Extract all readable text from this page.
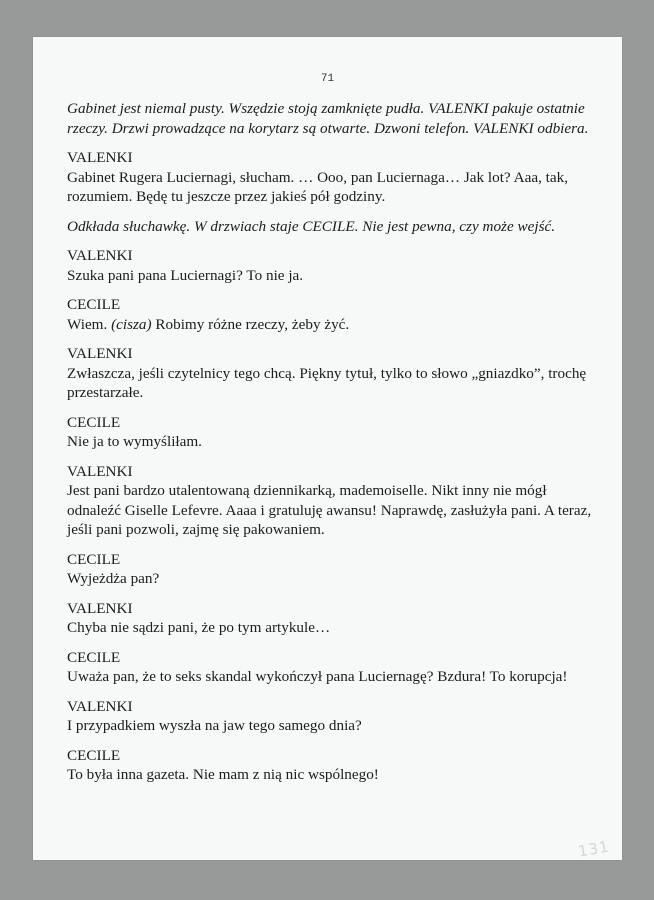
71

Gabinet jest niemal pusty. Wszędzie stoją zamknięte pudła. VALENKI pakuje ostatnie rzeczy. Drzwi prowadzące na korytarz są otwarte. Dzwoni telefon. VALENKI odbiera.

VALENKI

Gabinet Rugera Luciernagi, słucham. … Ooo, pan Luciernaga… Jak lot? Aaa, tak, rozumiem. Będę tu jeszcze przez jakieś pół godziny.

Odkłada słuchawkę. W drzwiach staje CECILE. Nie jest pewna, czy może wejść.

VALENKI

Szuka pani pana Luciernagi? To nie ja.

CECILE

Wiem. (cisza) Robimy różne rzeczy, żeby żyć.

VALENKI

Zwłaszcza, jeśli czytelnicy tego chcą. Piękny tytuł, tylko to słowo „gniazdko”, trochę przestarzałe.

CECILE

Nie ja to wymyśliłam.

VALENKI

Jest pani bardzo utalentowaną dziennikarką, mademoiselle. Nikt inny nie mógł odnaleźć Giselle Lefevre. Aaaa i gratuluję awansu! Naprawdę, zasłużyła pani. A teraz, jeśli pani pozwoli, zajmę się pakowaniem.

CECILE

Wyjeżdża pan?

VALENKI

Chyba nie sądzi pani, że po tym artykule…

CECILE

Uważa pan, że to seks skandal wykończył pana Luciernagę? Bzdura! To korupcja!

VALENKI

I przypadkiem wyszła na jaw tego samego dnia?

CECILE

To była inna gazeta. Nie mam z nią nic wspólnego!

131
